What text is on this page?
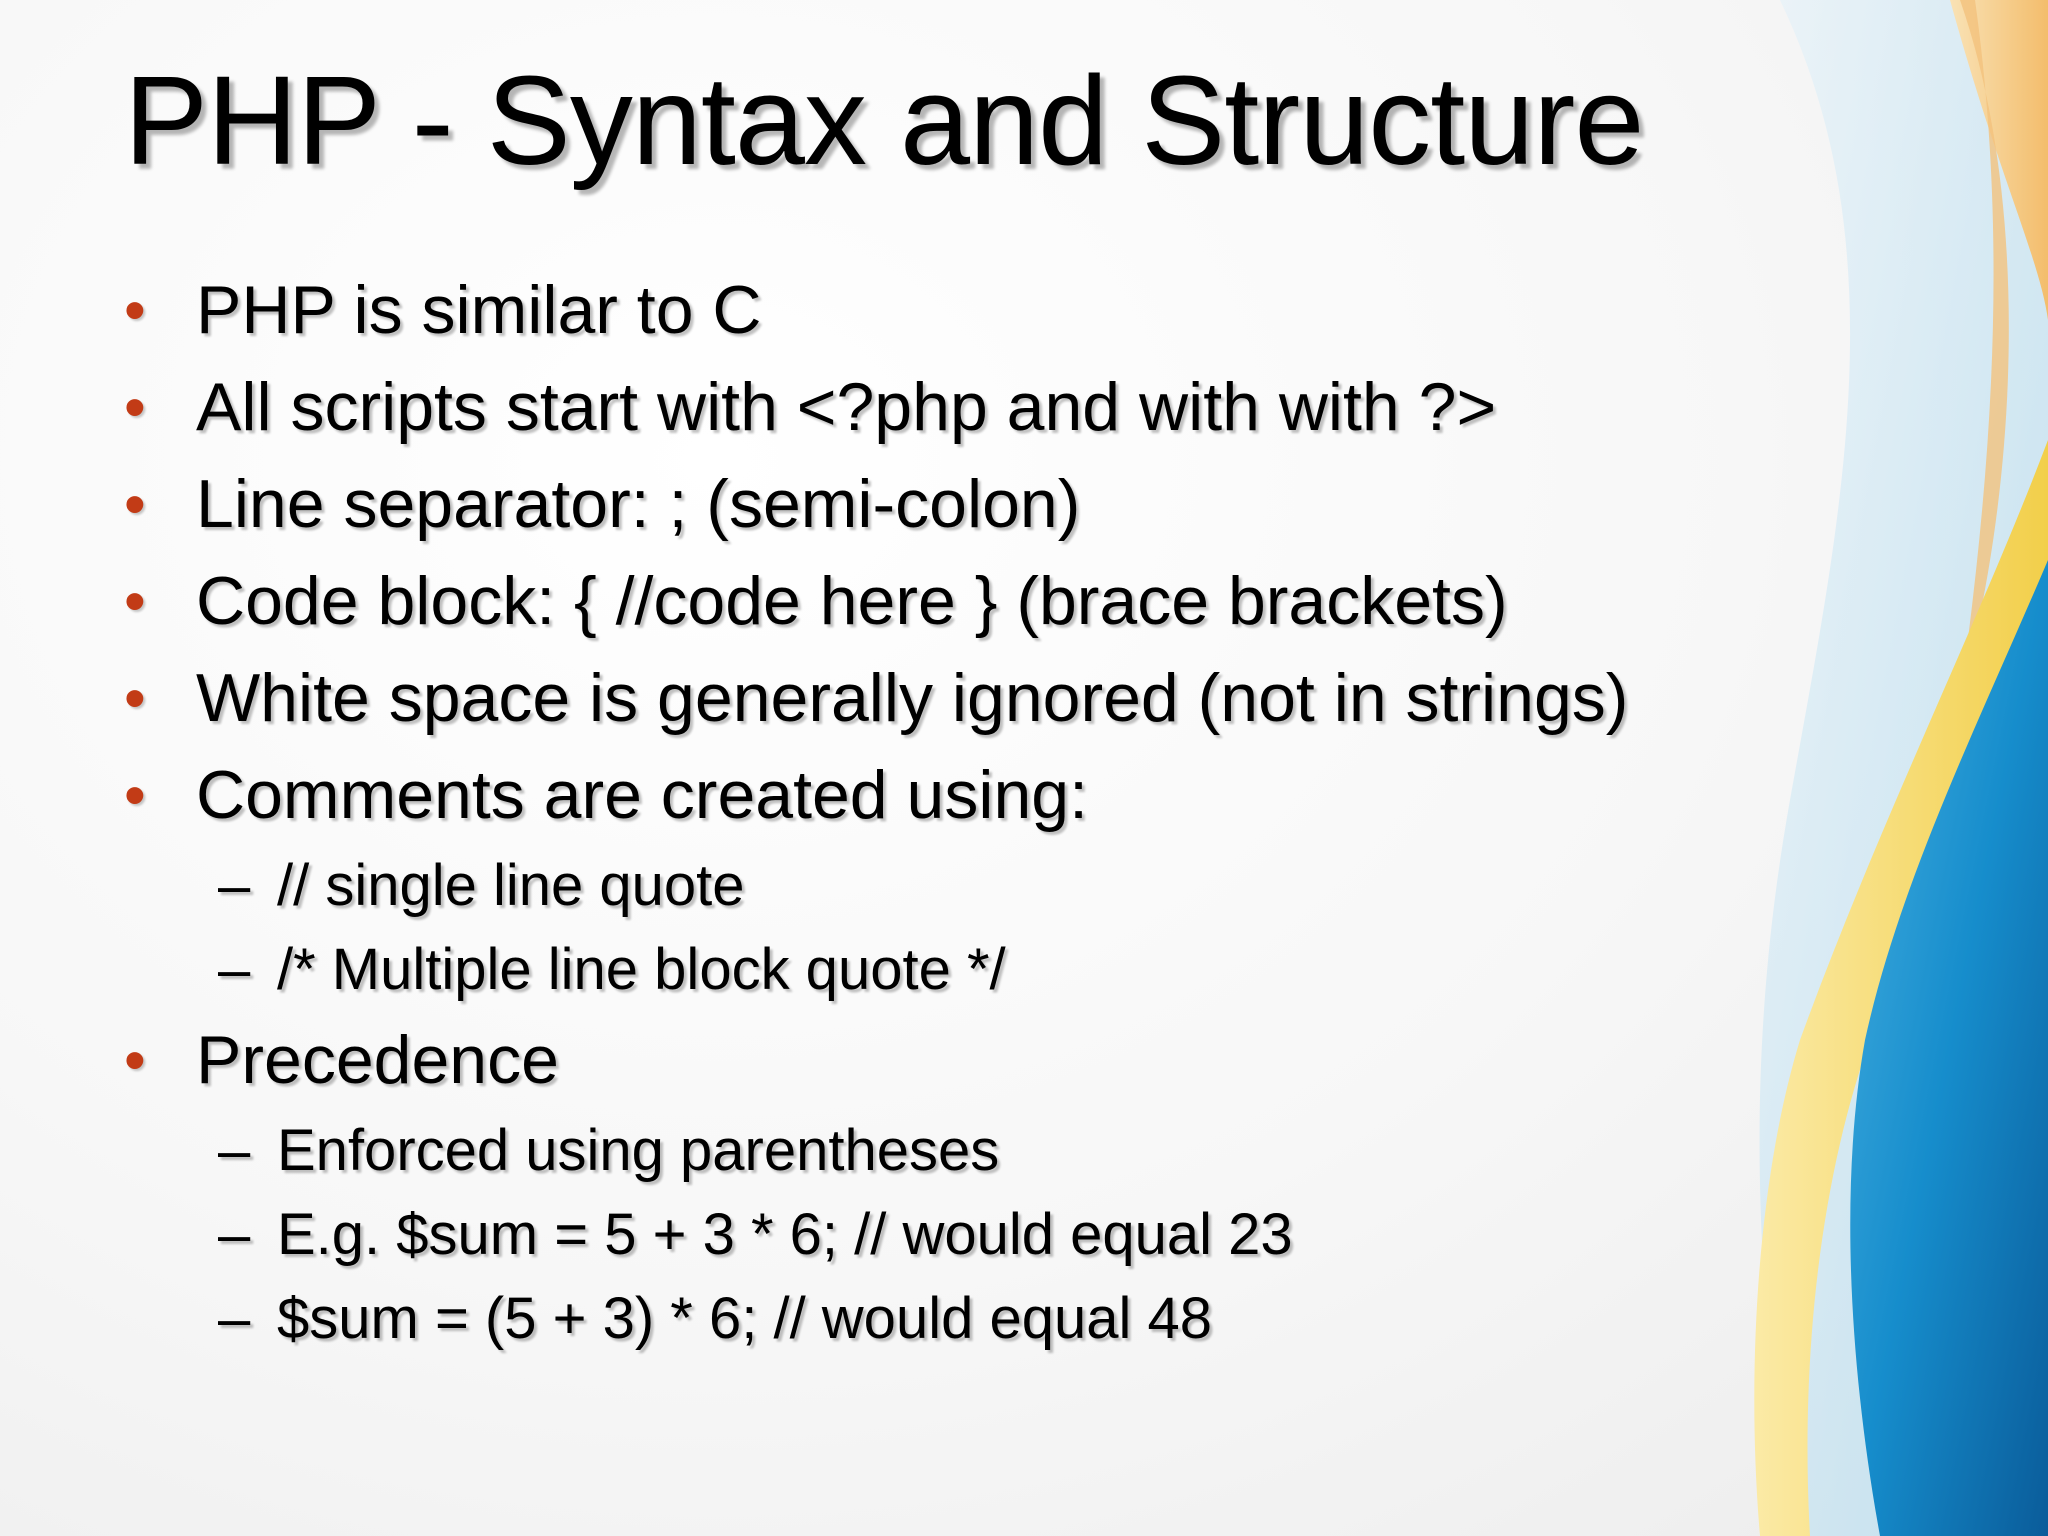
PHP - Syntax and Structure
• PHP is similar to C
• All scripts start with <?php and with with ?>
• Line separator: ; (semi-colon)
• Code block: { //code here } (brace brackets)
• White space is generally ignored (not in strings)
• Comments are created using:
– // single line quote
– /* Multiple line block quote */
• Precedence
– Enforced using parentheses
– E.g. $sum = 5 + 3 * 6; // would equal 23
– $sum = (5 + 3) * 6; // would equal 48
